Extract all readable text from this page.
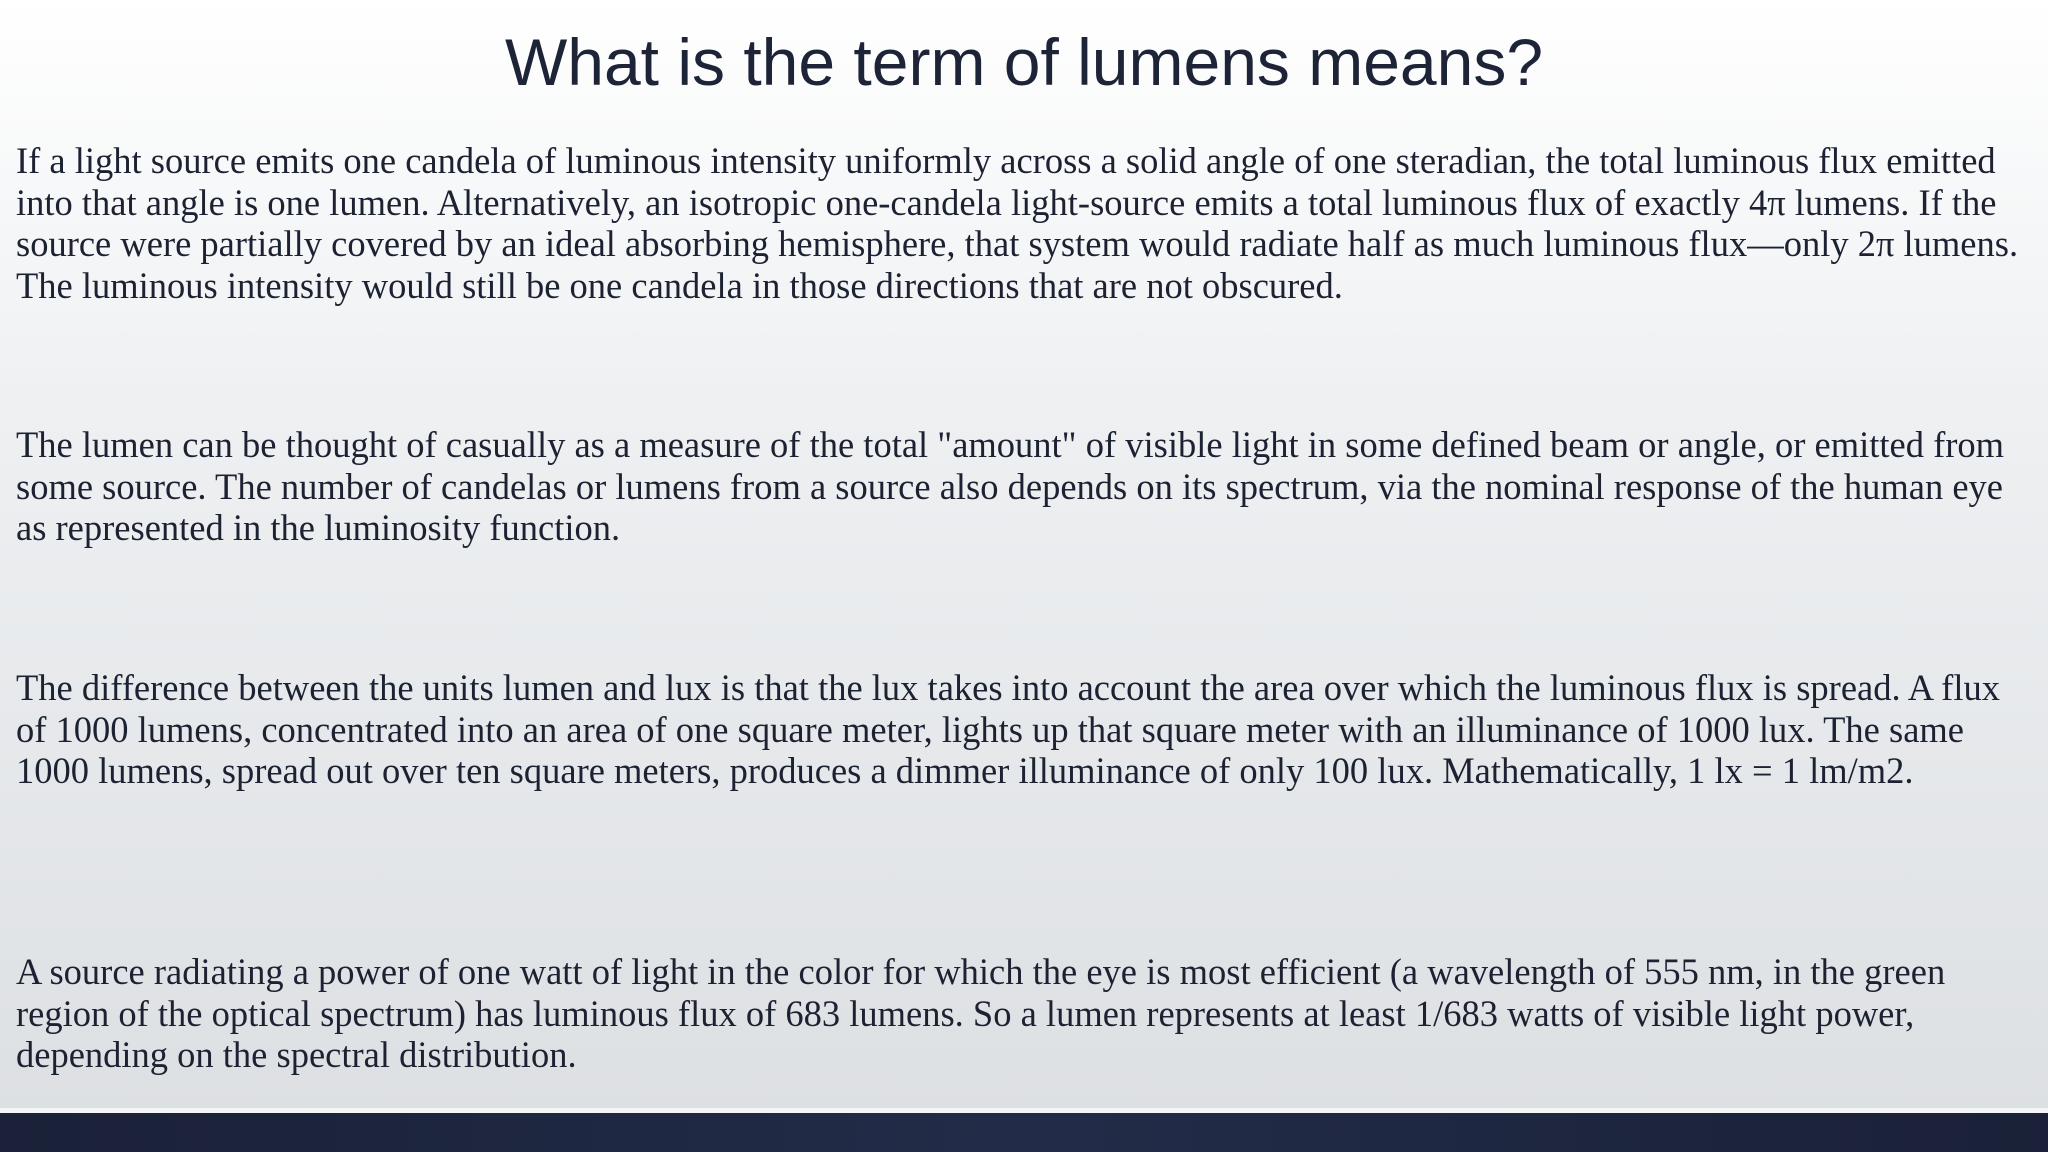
What is the term of lumens means?

If a light source emits one candela of luminous intensity uniformly across a solid angle of one steradian, the total luminous flux emitted into that angle is one lumen. Alternatively, an isotropic one-candela light-source emits a total luminous flux of exactly 4π lumens. If the source were partially covered by an ideal absorbing hemisphere, that system would radiate half as much luminous flux—only 2π lumens. The luminous intensity would still be one candela in those directions that are not obscured.

The lumen can be thought of casually as a measure of the total "amount" of visible light in some defined beam or angle, or emitted from some source. The number of candelas or lumens from a source also depends on its spectrum, via the nominal response of the human eye as represented in the luminosity function.

The difference between the units lumen and lux is that the lux takes into account the area over which the luminous flux is spread. A flux of 1000 lumens, concentrated into an area of one square meter, lights up that square meter with an illuminance of 1000 lux. The same 1000 lumens, spread out over ten square meters, produces a dimmer illuminance of only 100 lux. Mathematically, 1 lx = 1 lm/m2.

A source radiating a power of one watt of light in the color for which the eye is most efficient (a wavelength of 555 nm, in the green region of the optical spectrum) has luminous flux of 683 lumens. So a lumen represents at least 1/683 watts of visible light power, depending on the spectral distribution.
